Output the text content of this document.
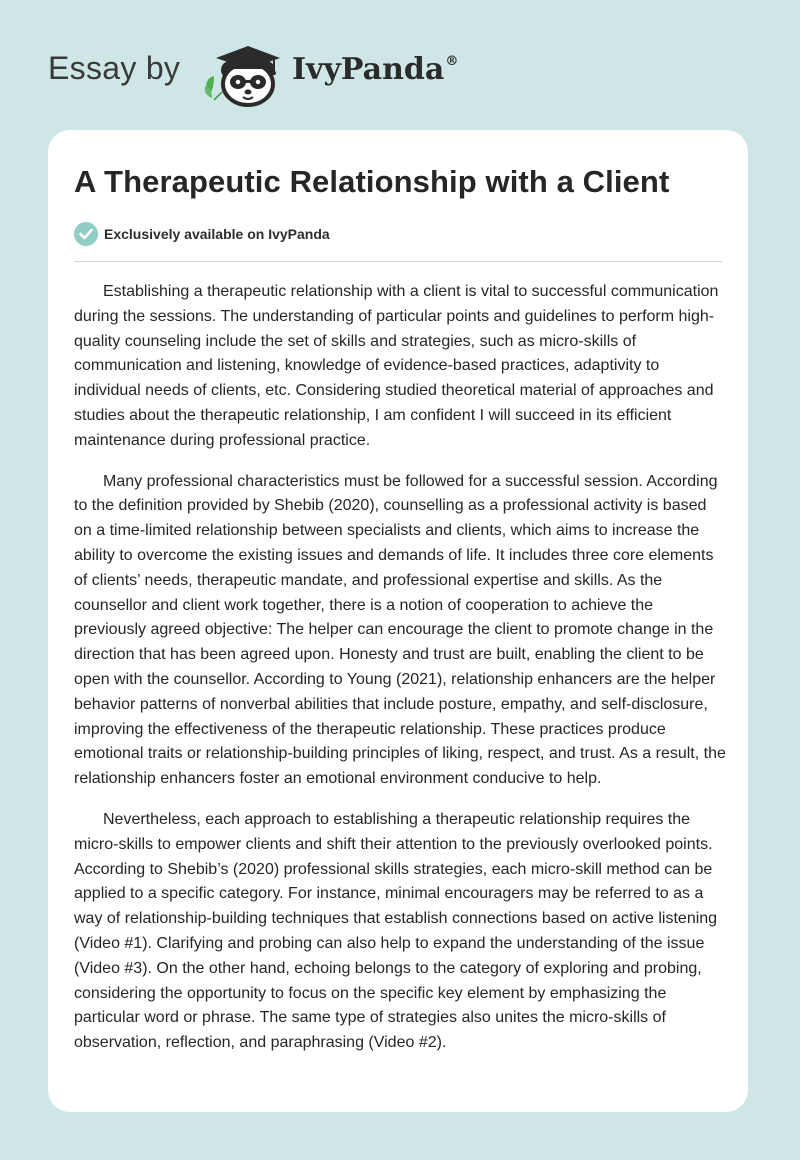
Essay by	IvyPanda®
A Therapeutic Relationship with a Client
Exclusively available on IvyPanda

Establishing a therapeutic relationship with a client is vital to successful communication during the sessions. The understanding of particular points and guidelines to perform high-quality counseling include the set of skills and strategies, such as micro-skills of communication and listening, knowledge of evidence-based practices, adaptivity to individual needs of clients, etc. Considering studied theoretical material of approaches and studies about the therapeutic relationship, I am confident I will succeed in its efficient maintenance during professional practice.

Many professional characteristics must be followed for a successful session. According to the definition provided by Shebib (2020), counselling as a professional activity is based on a time-limited relationship between specialists and clients, which aims to increase the ability to overcome the existing issues and demands of life. It includes three core elements of clients’ needs, therapeutic mandate, and professional expertise and skills. As the counsellor and client work together, there is a notion of cooperation to achieve the previously agreed objective: The helper can encourage the client to promote change in the direction that has been agreed upon. Honesty and trust are built, enabling the client to be open with the counsellor. According to Young (2021), relationship enhancers are the helper behavior patterns of nonverbal abilities that include posture, empathy, and self-disclosure, improving the effectiveness of the therapeutic relationship. These practices produce emotional traits or relationship-building principles of liking, respect, and trust. As a result, the relationship enhancers foster an emotional environment conducive to help.

Nevertheless, each approach to establishing a therapeutic relationship requires the micro-skills to empower clients and shift their attention to the previously overlooked points. According to Shebib’s (2020) professional skills strategies, each micro-skill method can be applied to a specific category. For instance, minimal encouragers may be referred to as a way of relationship-building techniques that establish connections based on active listening (Video #1). Clarifying and probing can also help to expand the understanding of the issue (Video #3). On the other hand, echoing belongs to the category of exploring and probing, considering the opportunity to focus on the specific key element by emphasizing the particular word or phrase. The same type of strategies also unites the micro-skills of observation, reflection, and paraphrasing (Video #2).
